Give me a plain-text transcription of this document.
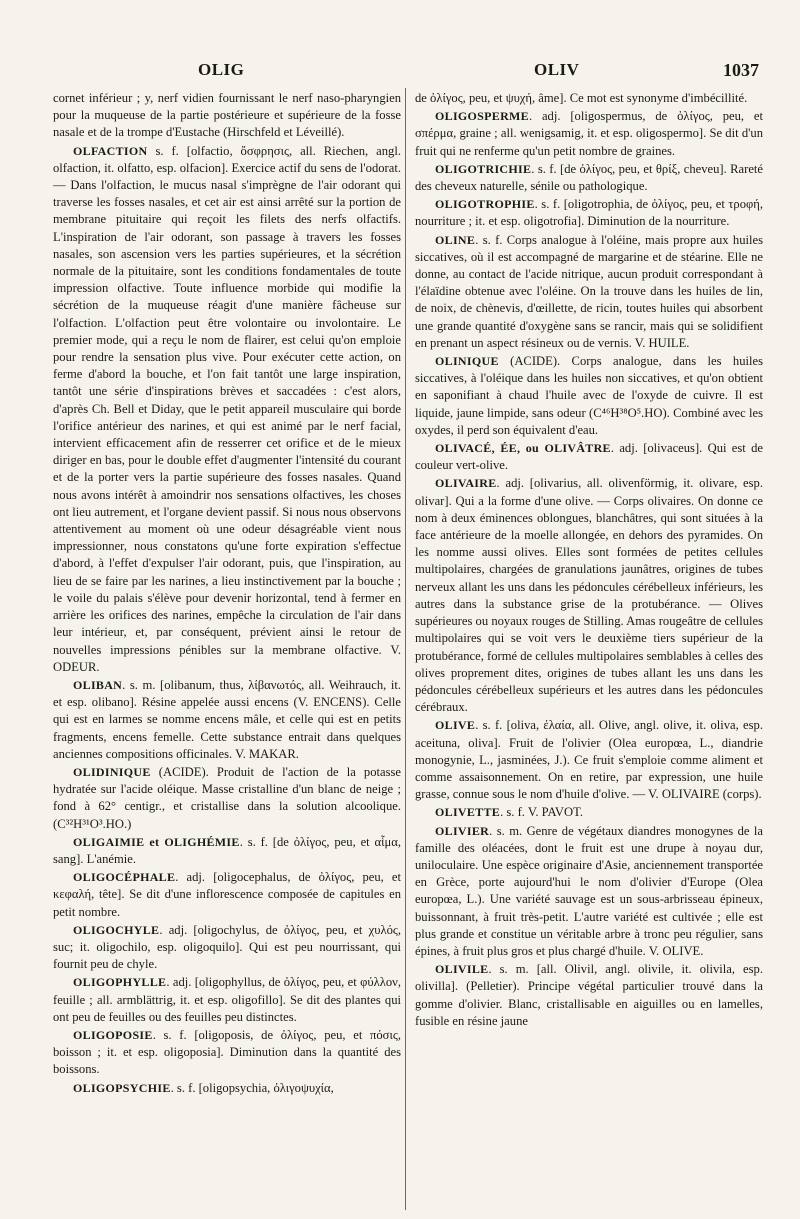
OLIG	OLIV	1037

cornet inférieur ; y, nerf vidien fournissant le nerf naso-pharyngien pour la muqueuse de la partie postérieure et supérieure de la fosse nasale et de la trompe d'Eustache (Hirschfeld et Léveillé).

OLFACTION s. f. [olfactio, ὄσφρησις, all. Riechen, angl. olfaction, it. olfatto, esp. olfacion]. Exercice actif du sens de l'odorat. — Dans l'olfaction, le mucus nasal s'imprègne de l'air odorant qui traverse les fosses nasales, et cet air est ainsi arrêté sur la portion de membrane pituitaire qui reçoit les filets des nerfs olfactifs. L'inspiration de l'air odorant, son passage à travers les fosses nasales, son ascension vers les parties supérieures, et la sécrétion normale de la pituitaire, sont les conditions fondamentales de toute impression olfactive. Toute influence morbide qui modifie la sécrétion de la muqueuse réagit d'une manière fâcheuse sur l'olfaction. L'olfaction peut être volontaire ou involontaire. Le premier mode, qui a reçu le nom de flairer, est celui qu'on emploie pour rendre la sensation plus vive. Pour exécuter cette action, on ferme d'abord la bouche, et l'on fait tantôt une large inspiration, tantôt une série d'inspirations brèves et saccadées : c'est alors, d'après Ch. Bell et Diday, que le petit appareil musculaire qui borde l'orifice antérieur des narines, et qui est animé par le nerf facial, intervient efficacement afin de resserrer cet orifice et de le mieux diriger en bas, pour le double effet d'augmenter l'intensité du courant et de la porter vers la partie supérieure des fosses nasales. Quand nous avons intérêt à amoindrir nos sensations olfactives, les choses ont lieu autrement, et l'organe devient passif. Si nous nous observons attentivement au moment où une odeur désagréable vient nous impressionner, nous constatons qu'une forte expiration s'effectue d'abord, à l'effet d'expulser l'air odorant, puis, que l'inspiration, au lieu de se faire par les narines, a lieu instinctivement par la bouche ; le voile du palais s'élève pour devenir horizontal, tend à fermer en arrière les orifices des narines, empêche la circulation de l'air dans leur intérieur, et, par conséquent, prévient ainsi le retour de nouvelles impressions pénibles sur la membrane olfactive. V. ODEUR.

OLIBAN. s. m. [olibanum, thus, λίβανωτός, all. Weihrauch, it. et esp. olibano]. Résine appelée aussi encens (V. ENCENS). Celle qui est en larmes se nomme encens mâle, et celle qui est en petits fragments, encens femelle. Cette substance entrait dans quelques anciennes compositions officinales. V. MAKAR.

OLIDINIQUE (ACIDE). Produit de l'action de la potasse hydratée sur l'acide oléique. Masse cristalline d'un blanc de neige ; fond à 62° centigr., et cristallise dans la solution alcoolique. (C³²H³¹O³.HO.)

OLIGAIMIE et OLIGHÉMIE. s. f. [de ὀλίγος, peu, et αἷμα, sang]. L'anémie.

OLIGOCÉPHALE. adj. [oligocephalus, de ὀλίγος, peu, et κεφαλή, tête]. Se dit d'une inflorescence composée de capitules en petit nombre.

OLIGOCHYLE. adj. [oligochylus, de ὀλίγος, peu, et χυλός, suc; it. oligochilo, esp. oligoquilo]. Qui est peu nourrissant, qui fournit peu de chyle.

OLIGOPHYLLE. adj. [oligophyllus, de ὀλίγος, peu, et φύλλον, feuille ; all. armblättrig, it. et esp. oligofillo]. Se dit des plantes qui ont peu de feuilles ou des feuilles peu distinctes.

OLIGOPOSIE. s. f. [oligoposis, de ὀλίγος, peu, et πόσις, boisson ; it. et esp. oligoposia]. Diminution dans la quantité des boissons.

OLIGOPSYCHIE. s. f. [oligopsychia, ὀλιγοψυχία,

de ὀλίγος, peu, et ψυχή, âme]. Ce mot est synonyme d'imbécillité.

OLIGOSPERME. adj. [oligospermus, de ὀλίγος, peu, et σπέρμα, graine ; all. wenigsamig, it. et esp. oligospermo]. Se dit d'un fruit qui ne renferme qu'un petit nombre de graines.

OLIGOTRICHIE. s. f. [de ὀλίγος, peu, et θρίξ, cheveu]. Rareté des cheveux naturelle, sénile ou pathologique.

OLIGOTROPHIE. s. f. [oligotrophia, de ὀλίγος, peu, et τροφή, nourriture ; it. et esp. oligotrofia]. Diminution de la nourriture.

OLINE. s. f. Corps analogue à l'oléine, mais propre aux huiles siccatives, où il est accompagné de margarine et de stéarine. Elle ne donne, au contact de l'acide nitrique, aucun produit correspondant à l'élaïdine obtenue avec l'oléine. On la trouve dans les huiles de lin, de noix, de chènevis, d'œillette, de ricin, toutes huiles qui absorbent une grande quantité d'oxygène sans se rancir, mais qui se solidifient en prenant un aspect résineux ou de vernis. V. HUILE.

OLINIQUE (ACIDE). Corps analogue, dans les huiles siccatives, à l'oléique dans les huiles non siccatives, et qu'on obtient en saponifiant à chaud l'huile avec de l'oxyde de cuivre. Il est liquide, jaune limpide, sans odeur (C⁴⁶H³⁸O⁵.HO). Combiné avec les oxydes, il perd son équivalent d'eau.

OLIVACÉ, ÉE, ou OLIVÂTRE. adj. [olivaceus]. Qui est de couleur vert-olive.

OLIVAIRE. adj. [olivarius, all. olivenförmig, it. olivare, esp. olivar]. Qui a la forme d'une olive. — Corps olivaires. On donne ce nom à deux éminences oblongues, blanchâtres, qui sont situées à la face antérieure de la moelle allongée, en dehors des pyramides. On les nomme aussi olives. Elles sont formées de petites cellules multipolaires, chargées de granulations jaunâtres, origines de tubes nerveux allant les uns dans les pédoncules cérébelleux inférieurs, les autres dans la substance grise de la protubérance. — Olives supérieures ou noyaux rouges de Stilling. Amas rougeâtre de cellules multipolaires qui se voit vers le deuxième tiers supérieur de la protubérance, formé de cellules multipolaires semblables à celles des olives proprement dites, origines de tubes allant les uns dans les pédoncules cérébelleux supérieurs et les autres dans les pédoncules cérébraux.

OLIVE. s. f. [oliva, ἐλαία, all. Olive, angl. olive, it. oliva, esp. aceituna, oliva]. Fruit de l'olivier (Olea europœa, L., diandrie monogynie, L., jasminées, J.). Ce fruit s'emploie comme aliment et comme assaisonnement. On en retire, par expression, une huile grasse, connue sous le nom d'huile d'olive. — V. OLIVAIRE (corps).

OLIVETTE. s. f. V. PAVOT.

OLIVIER. s. m. Genre de végétaux diandres monogynes de la famille des oléacées, dont le fruit est une drupe à noyau dur, uniloculaire. Une espèce originaire d'Asie, anciennement transportée en Grèce, porte aujourd'hui le nom d'olivier d'Europe (Olea europœa, L.). Une variété sauvage est un sous-arbrisseau épineux, buissonnant, à fruit très-petit. L'autre variété est cultivée ; elle est plus grande et constitue un véritable arbre à tronc peu régulier, sans épines, à fruit plus gros et plus chargé d'huile. V. OLIVE.

OLIVILE. s. m. [all. Olivil, angl. olivile, it. olivila, esp. olivilla]. (Pelletier). Principe végétal particulier trouvé dans la gomme d'olivier. Blanc, cristallisable en aiguilles ou en lamelles, fusible en résine jaune
